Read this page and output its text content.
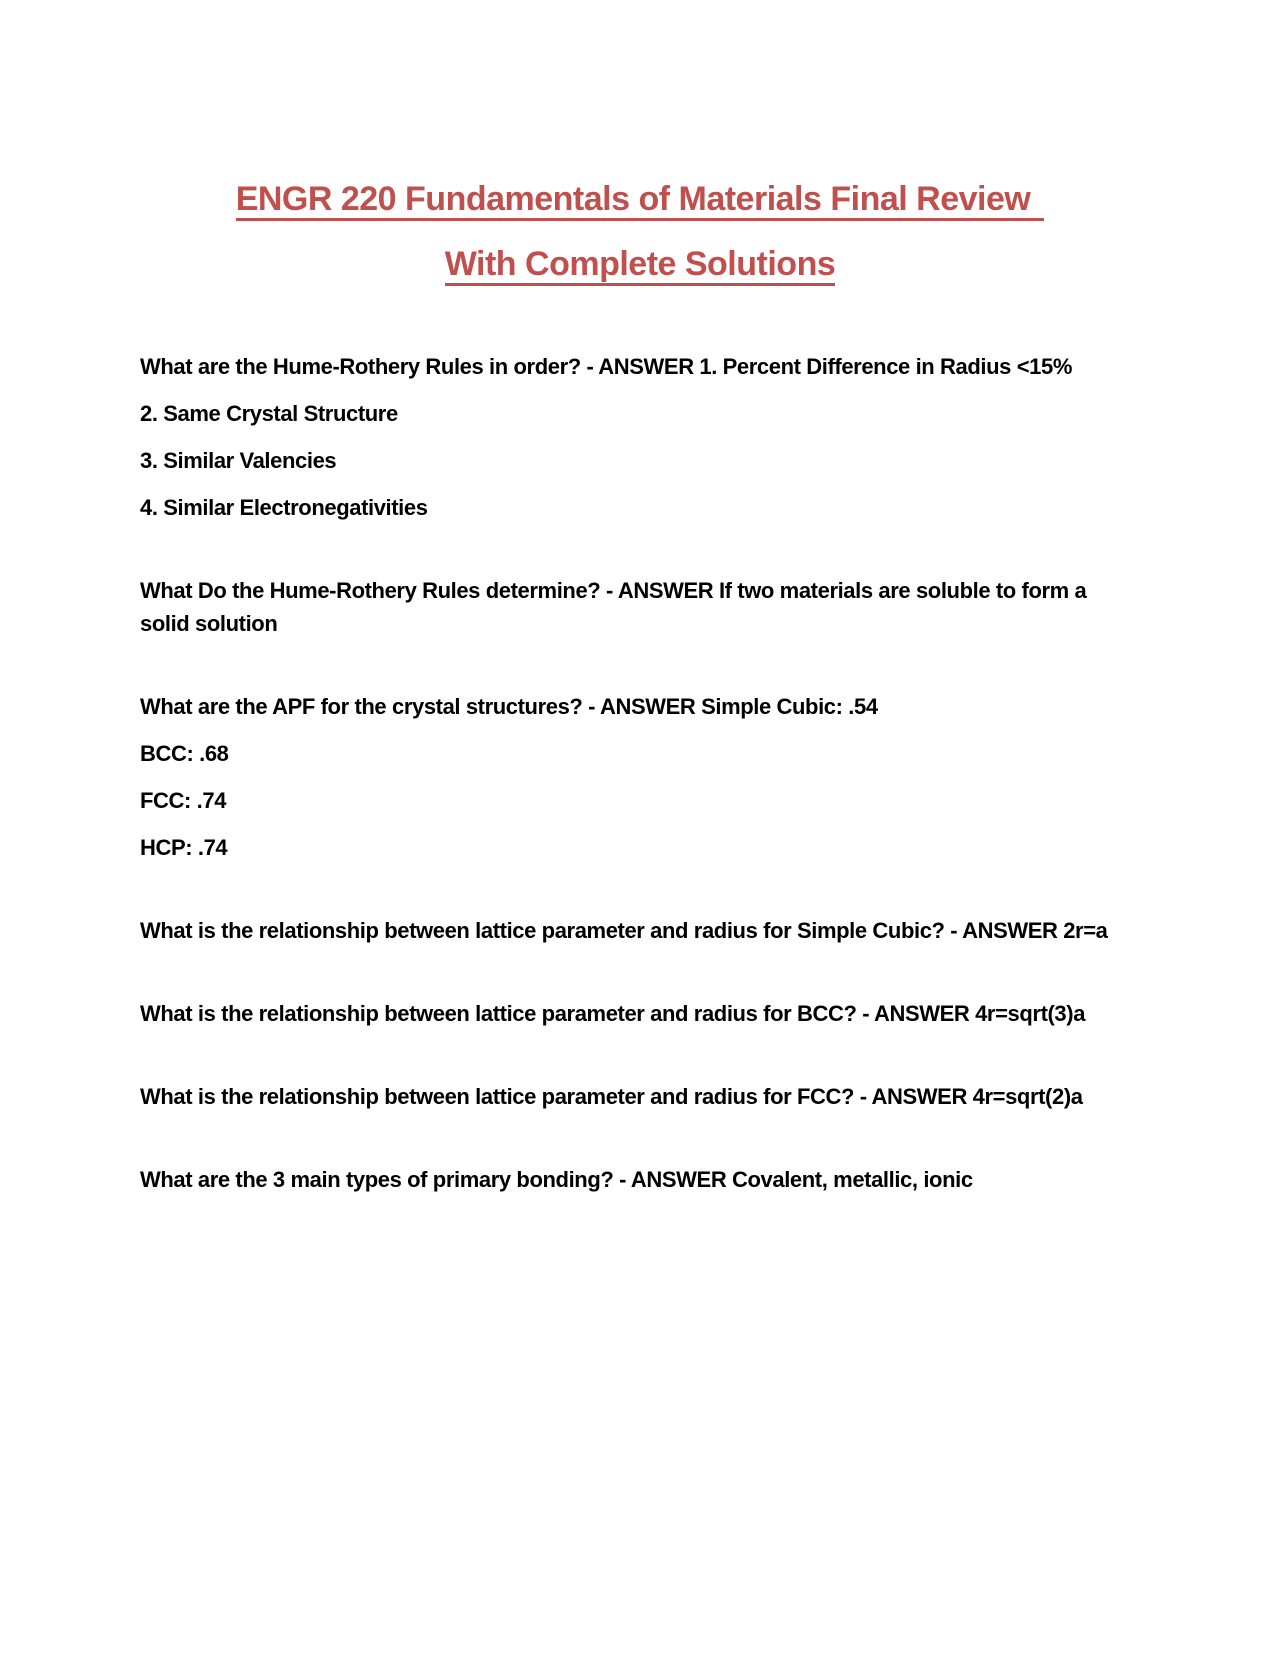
ENGR 220 Fundamentals of Materials Final Review
With Complete Solutions

What are the Hume-Rothery Rules in order? - ANSWER 1. Percent Difference in Radius <15%

2. Same Crystal Structure

3. Similar Valencies

4. Similar Electronegativities

What Do the Hume-Rothery Rules determine? - ANSWER If two materials are soluble to form a solid solution

What are the APF for the crystal structures? - ANSWER Simple Cubic: .54

BCC: .68

FCC: .74

HCP: .74

What is the relationship between lattice parameter and radius for Simple Cubic? - ANSWER 2r=a

What is the relationship between lattice parameter and radius for BCC? - ANSWER 4r=sqrt(3)a

What is the relationship between lattice parameter and radius for FCC? - ANSWER 4r=sqrt(2)a

What are the 3 main types of primary bonding? - ANSWER Covalent, metallic, ionic
